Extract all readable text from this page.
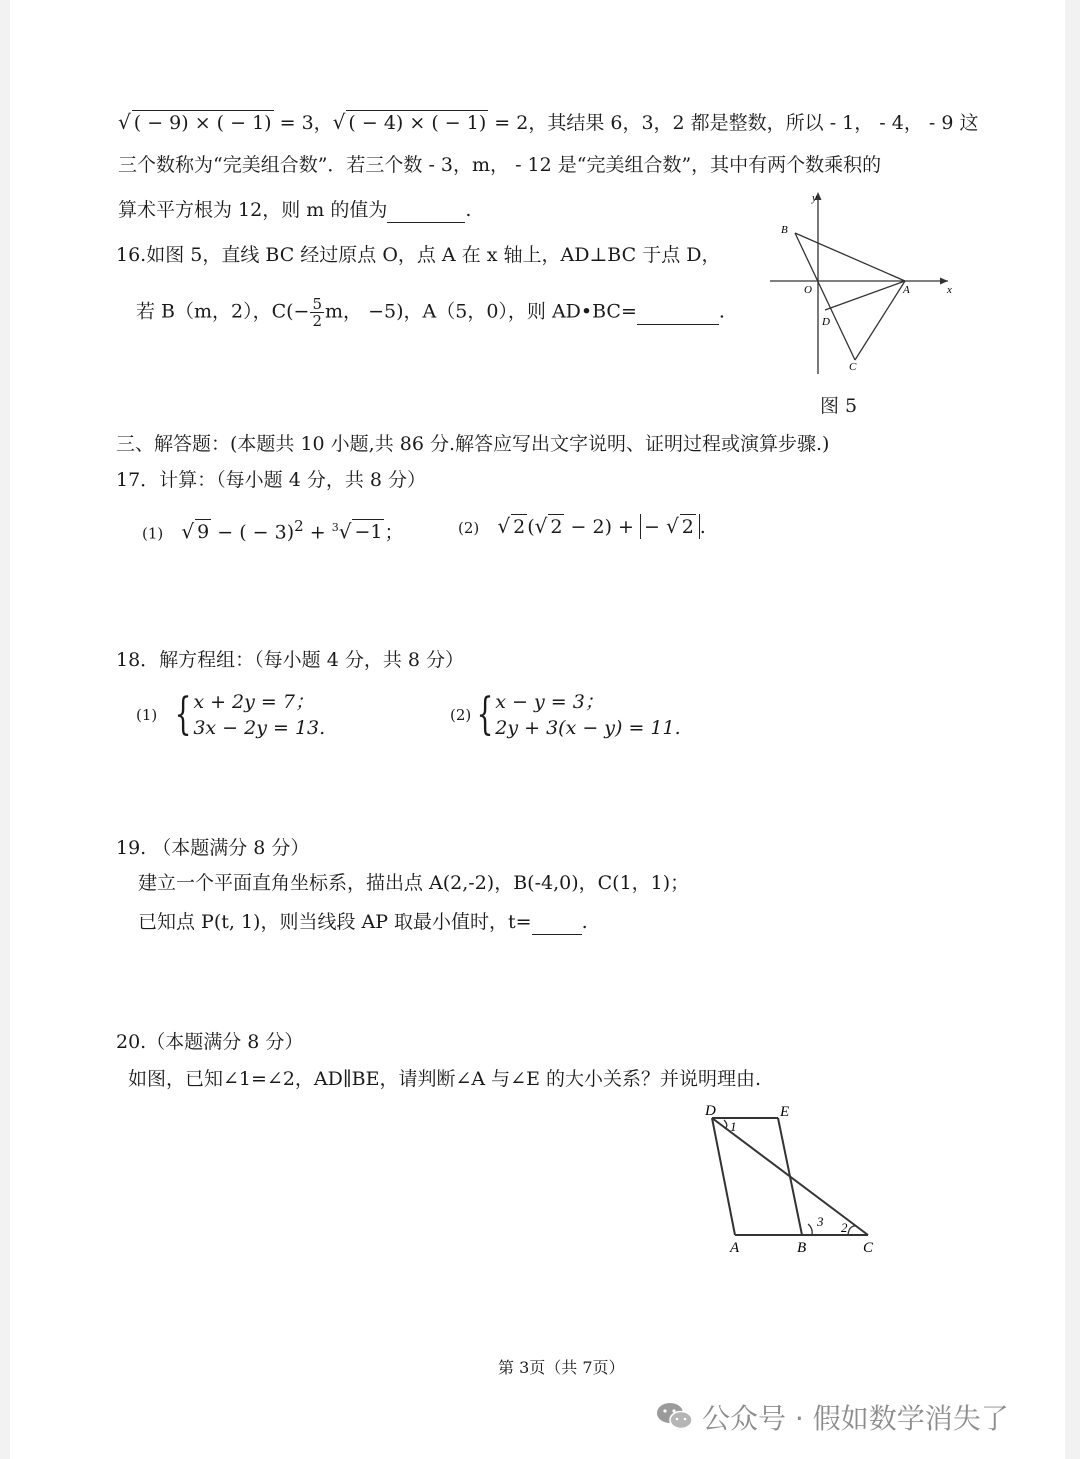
√ ( − 9) × ( − 1) = 3，√ ( − 4) × ( − 1) = 2，其结果 6，3，2 都是整数，所以 - 1， - 4， - 9 这
三个数称为“完美组合数”．若三个数 - 3，m， - 12 是“完美组合数”，其中有两个数乘积的
算术平方根为 12，则 m 的值为	.
16.如图 5，直线 BC 经过原点 O，点 A 在 x 轴上，AD⊥BC 于点 D，
若 B（m，2），$C(- \frac{5}{2}$ m， −5)，A（5，0），则 AD•BC=	.
y
x
O	A
B
C
D
图 5
三、解答题：(本题共 10 小题,共 86 分.解答应写出文字说明、证明过程或演算步骤.)
17．计算：（每小题 4 分，共 8 分）
(1) √ 9 − ( − 3)$^2$ + $^3$√ −1 ；	(2) √ 2 (√ 2 − 2) + − √ 2 .
18．解方程组：（每小题 4 分，共 8 分）
(1) {x + 2y = 7；
3x − 2y = 13.
(2) {x − y = 3；
2y + 3(x − y) = 11.
19. （本题满分 8 分）
建立一个平面直角坐标系，描出点 A(2,-2)，B(-4,0)，C(1，1)；
已知点 P(t, 1)，则当线段 AP 取最小值时，t=	.
20.（本题满分 8 分）
如图，已知∠1=∠2，AD∥BE，请判断∠A 与∠E 的大小关系？并说明理由.
D	E
A	B	C
1
2
3
第 3页（共 7页）
公众号 · 假如数学消失了
